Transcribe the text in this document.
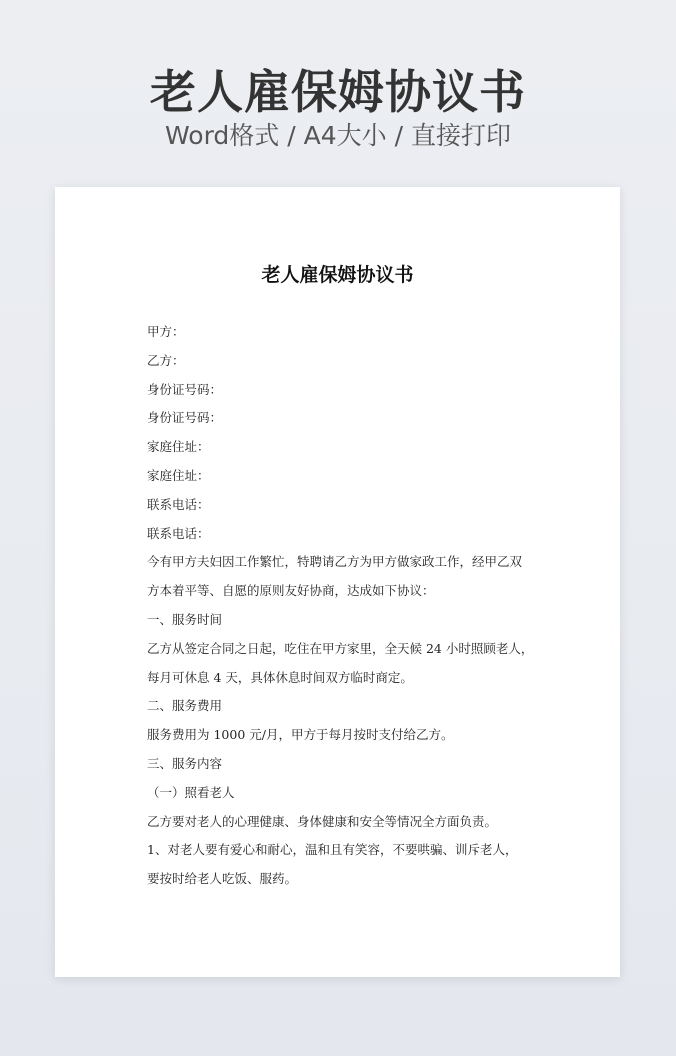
老人雇保姆协议书
Word格式 / A4大小 / 直接打印
老人雇保姆协议书
甲方：
乙方：
身份证号码：
身份证号码：
家庭住址：
家庭住址：
联系电话：
联系电话：
今有甲方夫妇因工作繁忙，特聘请乙方为甲方做家政工作，经甲乙双
方本着平等、自愿的原则友好协商，达成如下协议：
一、服务时间
乙方从签定合同之日起，吃住在甲方家里，全天候 24 小时照顾老人，
每月可休息 4 天，具体休息时间双方临时商定。
二、服务费用
服务费用为 1000 元/月，甲方于每月按时支付给乙方。
三、服务内容
（一）照看老人
乙方要对老人的心理健康、身体健康和安全等情况全方面负责。
1、对老人要有爱心和耐心，温和且有笑容，不要哄骗、训斥老人，
要按时给老人吃饭、服药。
